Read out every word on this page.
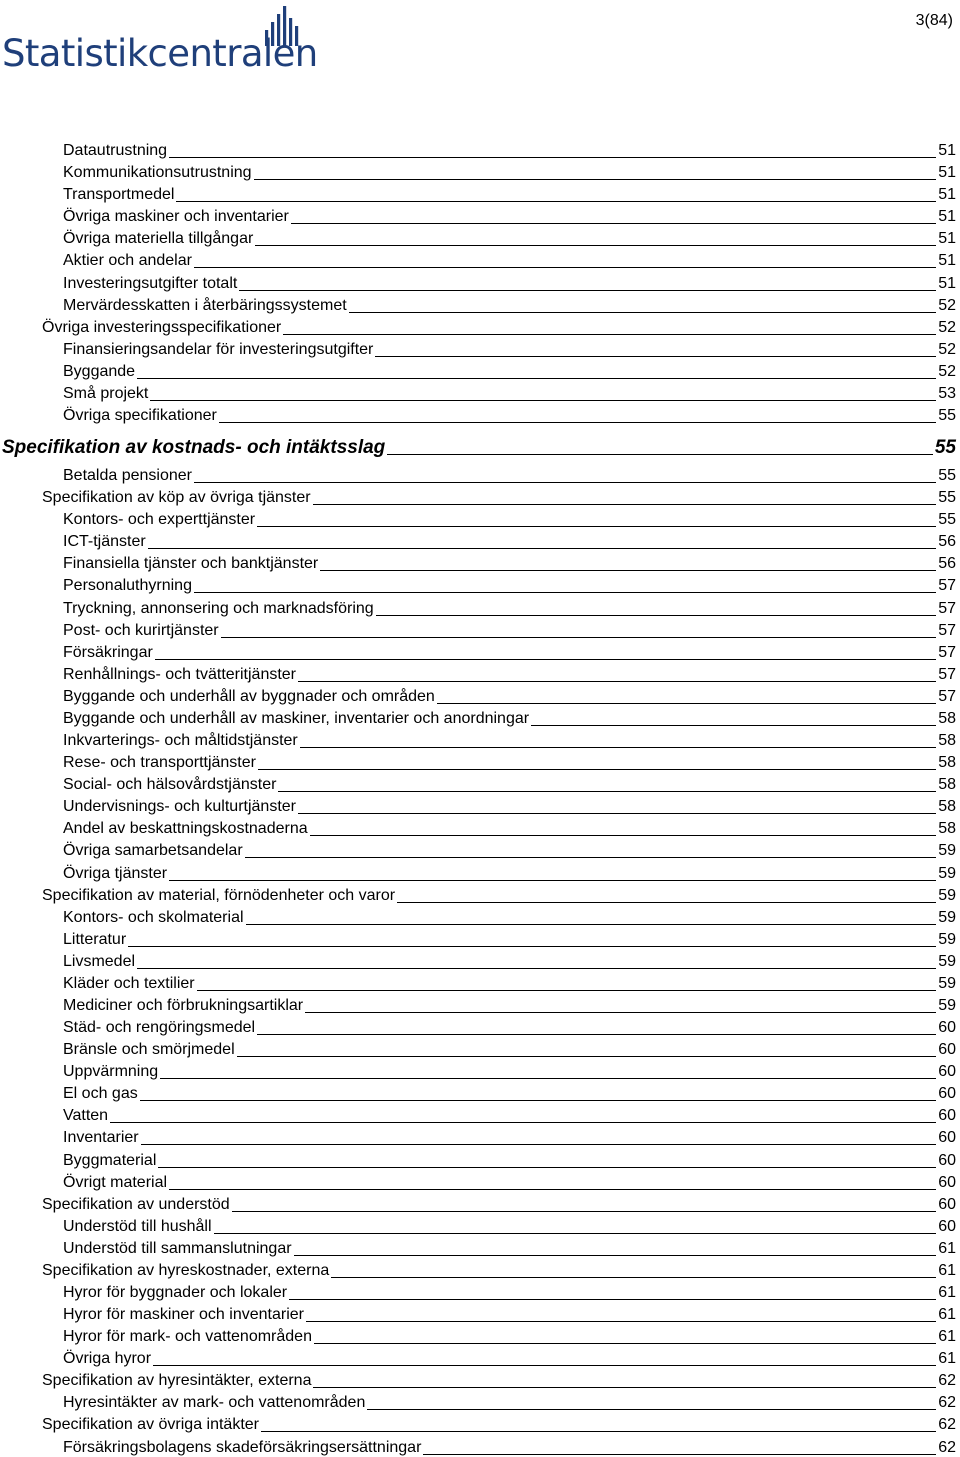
Statistikcentralen
3(84)
Datautrustning	51
Kommunikationsutrustning	51
Transportmedel	51
Övriga maskiner och inventarier	51
Övriga materiella tillgångar	51
Aktier och andelar	51
Investeringsutgifter totalt	51
Mervärdesskatten i återbäringssystemet	52
Övriga investeringsspecifikationer	52
Finansieringsandelar för investeringsutgifter	52
Byggande	52
Små projekt	53
Övriga specifikationer	55
Specifikation av kostnads- och intäktsslag	55
Betalda pensioner	55
Specifikation av köp av övriga tjänster	55
Kontors- och experttjänster	55
ICT-tjänster	56
Finansiella tjänster och banktjänster	56
Personaluthyrning	57
Tryckning, annonsering och marknadsföring	57
Post- och kurirtjänster	57
Försäkringar	57
Renhållnings- och tvätteritjänster	57
Byggande och underhåll av byggnader och områden	57
Byggande och underhåll av maskiner, inventarier och anordningar	58
Inkvarterings- och måltidstjänster	58
Rese- och transporttjänster	58
Social- och hälsovårdstjänster	58
Undervisnings- och kulturtjänster	58
Andel av beskattningskostnaderna	58
Övriga samarbetsandelar	59
Övriga tjänster	59
Specifikation av material, förnödenheter och varor	59
Kontors- och skolmaterial	59
Litteratur	59
Livsmedel	59
Kläder och textilier	59
Mediciner och förbrukningsartiklar	59
Städ- och rengöringsmedel	60
Bränsle och smörjmedel	60
Uppvärmning	60
El och gas	60
Vatten	60
Inventarier	60
Byggmaterial	60
Övrigt material	60
Specifikation av understöd	60
Understöd till hushåll	60
Understöd till sammanslutningar	61
Specifikation av hyreskostnader, externa	61
Hyror för byggnader och lokaler	61
Hyror för maskiner och inventarier	61
Hyror för mark- och vattenområden	61
Övriga hyror	61
Specifikation av hyresintäkter, externa	62
Hyresintäkter av mark- och vattenområden	62
Specifikation av övriga intäkter	62
Försäkringsbolagens skadeförsäkringsersättningar	62
